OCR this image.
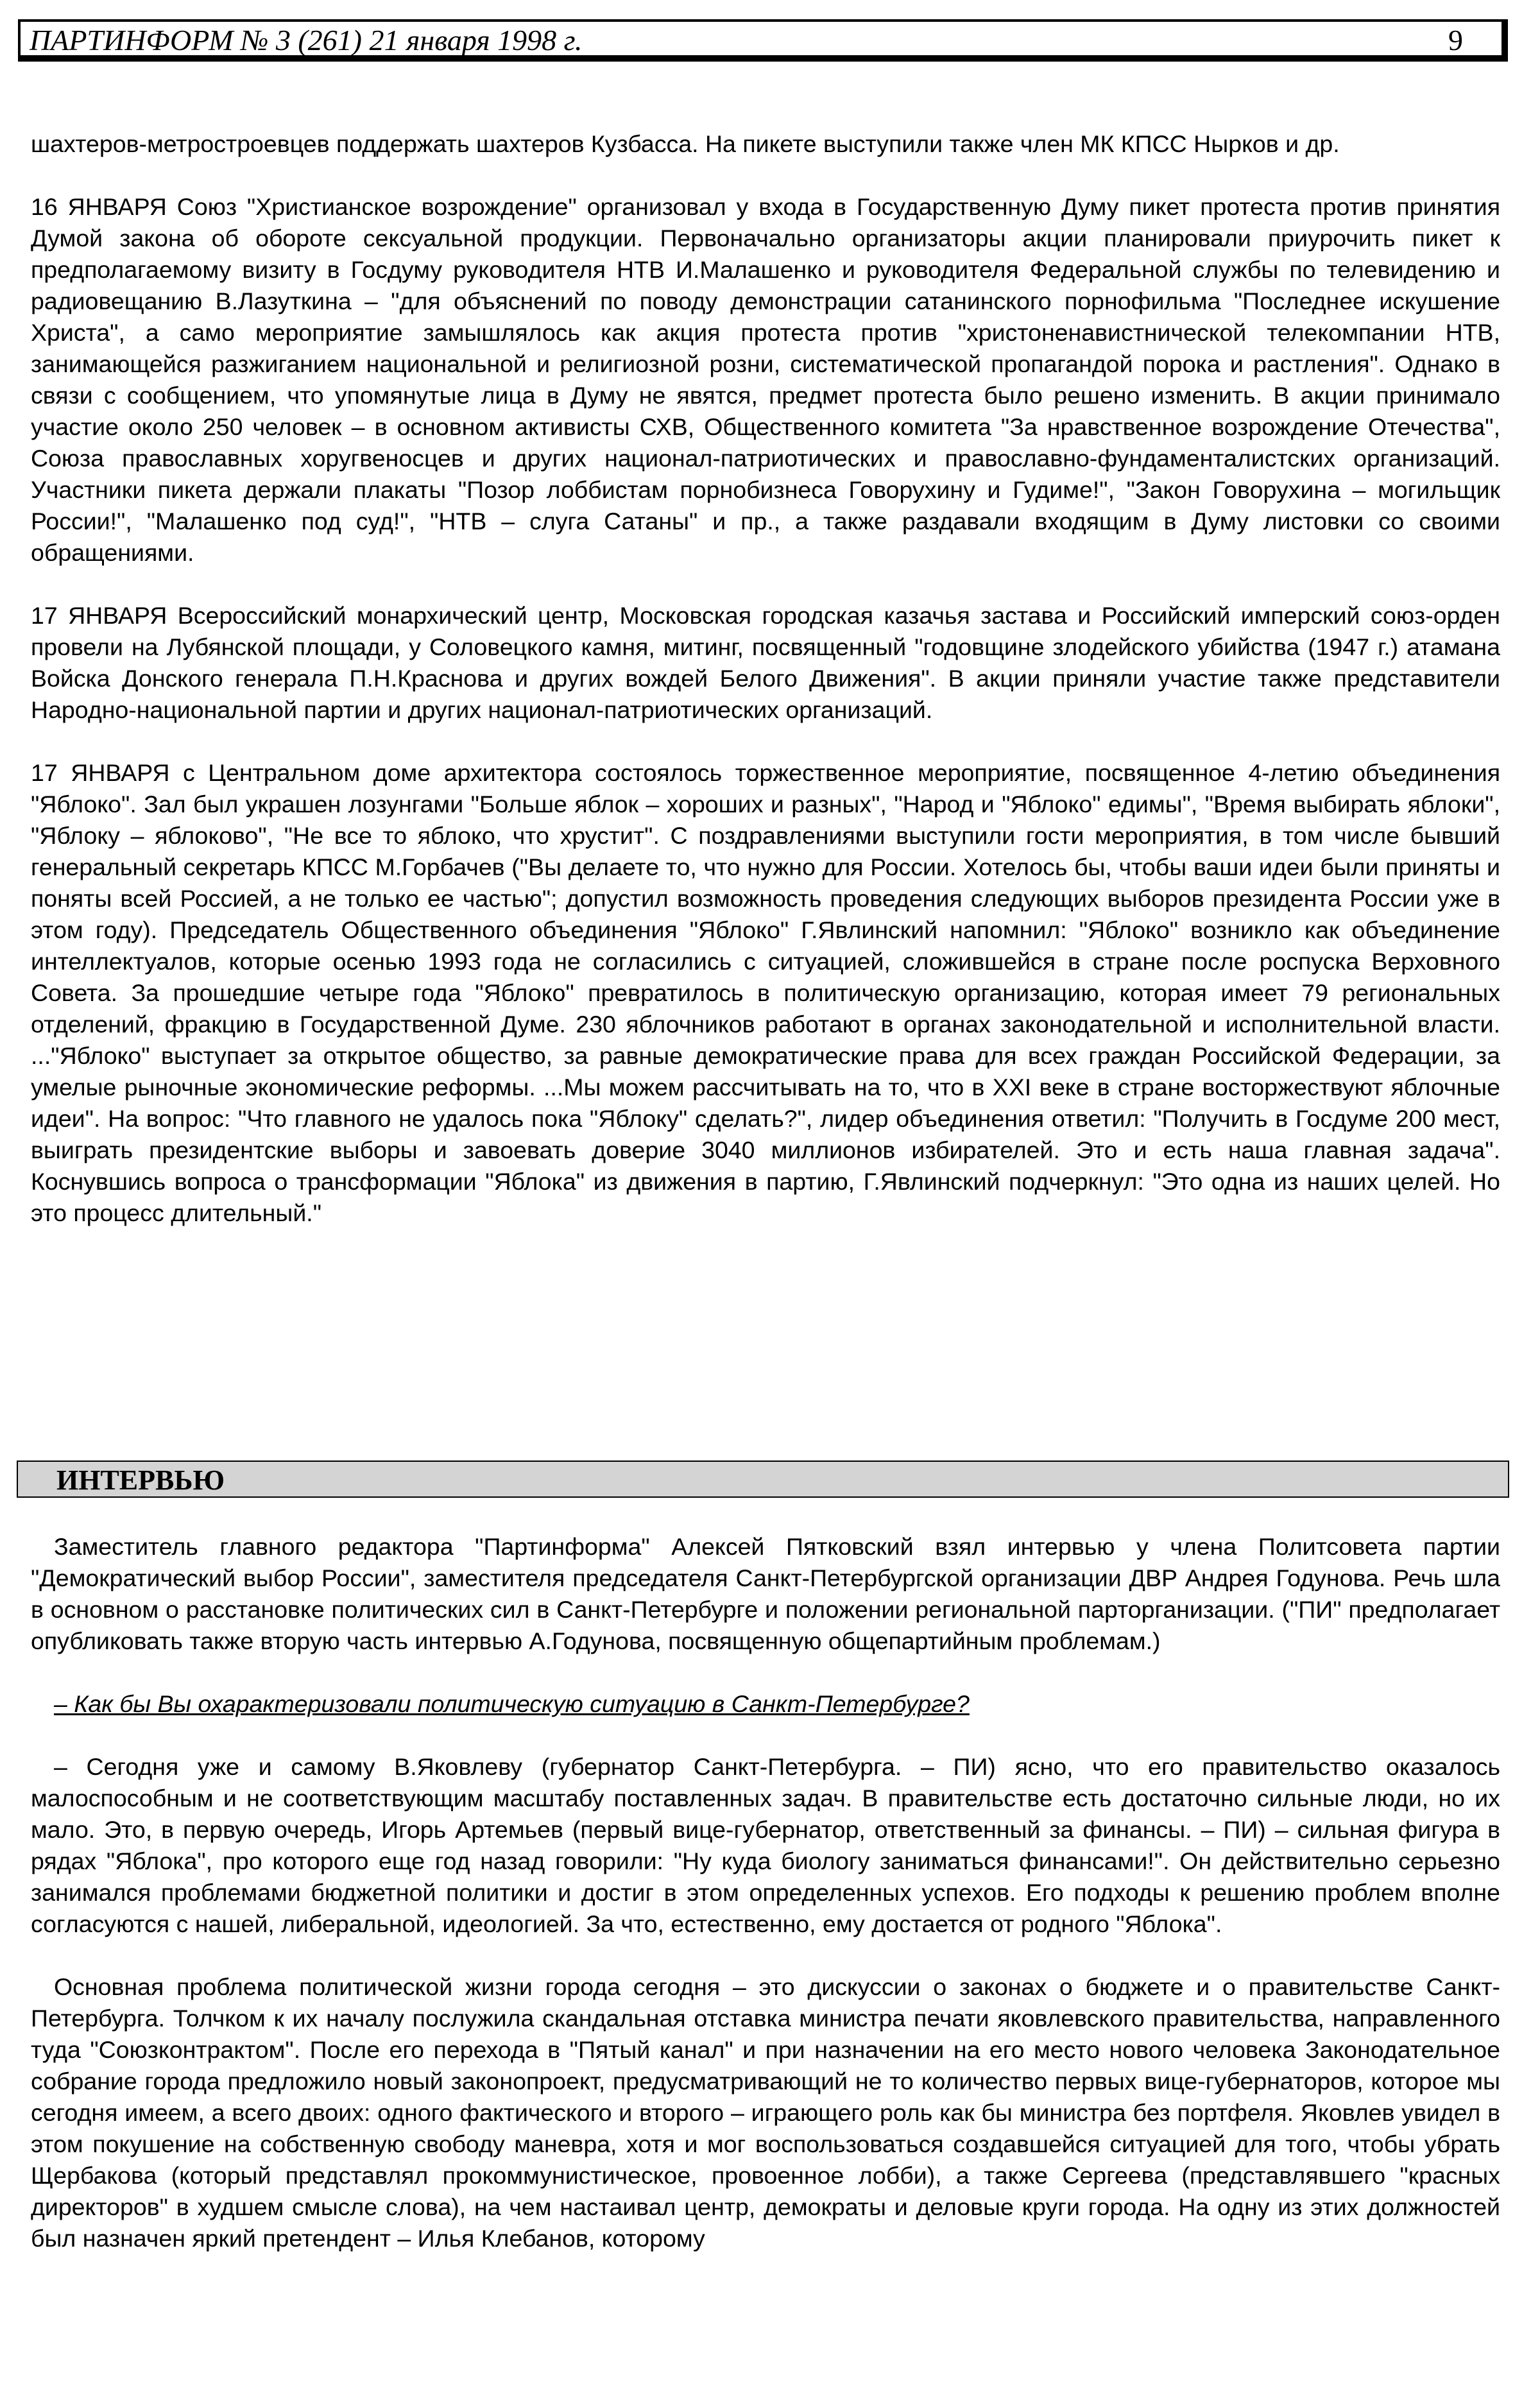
ПАРТИНФОРМ № 3 (261) 21 января 1998 г.	9

шахтеров-метростроевцев поддержать шахтеров Кузбасса. На пикете выступили также член МК КПСС Нырков и др.

16 ЯНВАРЯ Союз "Христианское возрождение" организовал у входа в Государственную Думу пикет протеста против принятия Думой закона об обороте сексуальной продукции. Первоначально организаторы акции планировали приурочить пикет к предполагаемому визиту в Госдуму руководителя НТВ И.Малашенко и руководителя Федеральной службы по телевидению и радиовещанию В.Лазуткина – "для объяснений по поводу демонстрации сатанинского порнофильма "Последнее искушение Христа", а само мероприятие замышлялось как акция протеста против "христоненавистнической телекомпании НТВ, занимающейся разжиганием национальной и религиозной розни, систематической пропагандой порока и растления". Однако в связи с сообщением, что упомянутые лица в Думу не явятся, предмет протеста было решено изменить. В акции принимало участие около 250 человек – в основном активисты СХВ, Общественного комитета "За нравственное возрождение Отечества", Союза православных хоругвеносцев и других национал-патриотических и православно-фундаменталистских организаций. Участники пикета держали плакаты "Позор лоббистам порнобизнеса Говорухину и Гудиме!", "Закон Говорухина – могильщик России!", "Малашенко под суд!", "НТВ – слуга Сатаны" и пр., а также раздавали входящим в Думу листовки со своими обращениями.

17 ЯНВАРЯ Всероссийский монархический центр, Московская городская казачья застава и Российский имперский союз-орден провели на Лубянской площади, у Соловецкого камня, митинг, посвященный "годовщине злодейского убийства (1947 г.) атамана Войска Донского генерала П.Н.Краснова и других вождей Белого Движения". В акции приняли участие также представители Народно-национальной партии и других национал-патриотических организаций.

17 ЯНВАРЯ с Центральном доме архитектора состоялось торжественное мероприятие, посвященное 4-летию объединения "Яблоко". Зал был украшен лозунгами "Больше яблок – хороших и разных", "Народ и "Яблоко" едимы", "Время выбирать яблоки", "Яблоку – яблоково", "Не все то яблоко, что хрустит". С поздравлениями выступили гости мероприятия, в том числе бывший генеральный секретарь КПСС М.Горбачев ("Вы делаете то, что нужно для России. Хотелось бы, чтобы ваши идеи были приняты и поняты всей Россией, а не только ее частью"; допустил возможность проведения следующих выборов президента России уже в этом году). Председатель Общественного объединения "Яблоко" Г.Явлинский напомнил: "Яблоко" возникло как объединение интеллектуалов, которые осенью 1993 года не согласились с ситуацией, сложившейся в стране после роспуска Верховного Совета. За прошедшие четыре года "Яблоко" превратилось в политическую организацию, которая имеет 79 региональных отделений, фракцию в Государственной Думе. 230 яблочников работают в органах законодательной и исполнительной власти. ..."Яблоко" выступает за открытое общество, за равные демократические права для всех граждан Российской Федерации, за умелые рыночные экономические реформы. ...Мы можем рассчитывать на то, что в XXI веке в стране восторжествуют яблочные идеи". На вопрос: "Что главного не удалось пока "Яблоку" сделать?", лидер объединения ответил: "Получить в Госдуме 200 мест, выиграть президентские выборы и завоевать доверие 3040 миллионов избирателей. Это и есть наша главная задача". Коснувшись вопроса о трансформации "Яблока" из движения в партию, Г.Явлинский подчеркнул: "Это одна из наших целей. Но это процесс длительный."

ИНТЕРВЬЮ

Заместитель главного редактора "Партинформа" Алексей Пятковский взял интервью у члена Политсовета партии "Демократический выбор России", заместителя председателя Санкт-Петербургской организации ДВР Андрея Годунова. Речь шла в основном о расстановке политических сил в Санкт-Петербурге и положении региональной парторганизации. ("ПИ" предполагает опубликовать также вторую часть интервью А.Годунова, посвященную общепартийным проблемам.)

– Как бы Вы охарактеризовали политическую ситуацию в Санкт-Петербурге?

– Сегодня уже и самому В.Яковлеву (губернатор Санкт-Петербурга. – ПИ) ясно, что его правительство оказалось малоспособным и не соответствующим масштабу поставленных задач. В правительстве есть достаточно сильные люди, но их мало. Это, в первую очередь, Игорь Артемьев (первый вице-губернатор, ответственный за финансы. – ПИ) – сильная фигура в рядах "Яблока", про которого еще год назад говорили: "Ну куда биологу заниматься финансами!". Он действительно серьезно занимался проблемами бюджетной политики и достиг в этом определенных успехов. Его подходы к решению проблем вполне согласуются с нашей, либеральной, идеологией. За что, естественно, ему достается от родного "Яблока".

Основная проблема политической жизни города сегодня – это дискуссии о законах о бюджете и о правительстве Санкт-Петербурга. Толчком к их началу послужила скандальная отставка министра печати яковлевского правительства, направленного туда "Союзконтрактом". После его перехода в "Пятый канал" и при назначении на его место нового человека Законодательное собрание города предложило новый законопроект, предусматривающий не то количество первых вице-губернаторов, которое мы сегодня имеем, а всего двоих: одного фактического и второго – играющего роль как бы министра без портфеля. Яковлев увидел в этом покушение на собственную свободу маневра, хотя и мог воспользоваться создавшейся ситуацией для того, чтобы убрать Щербакова (который представлял прокоммунистическое, провоенное лобби), а также Сергеева (представлявшего "красных директоров" в худшем смысле слова), на чем настаивал центр, демократы и деловые круги города. На одну из этих должностей был назначен яркий претендент – Илья Клебанов, которому
